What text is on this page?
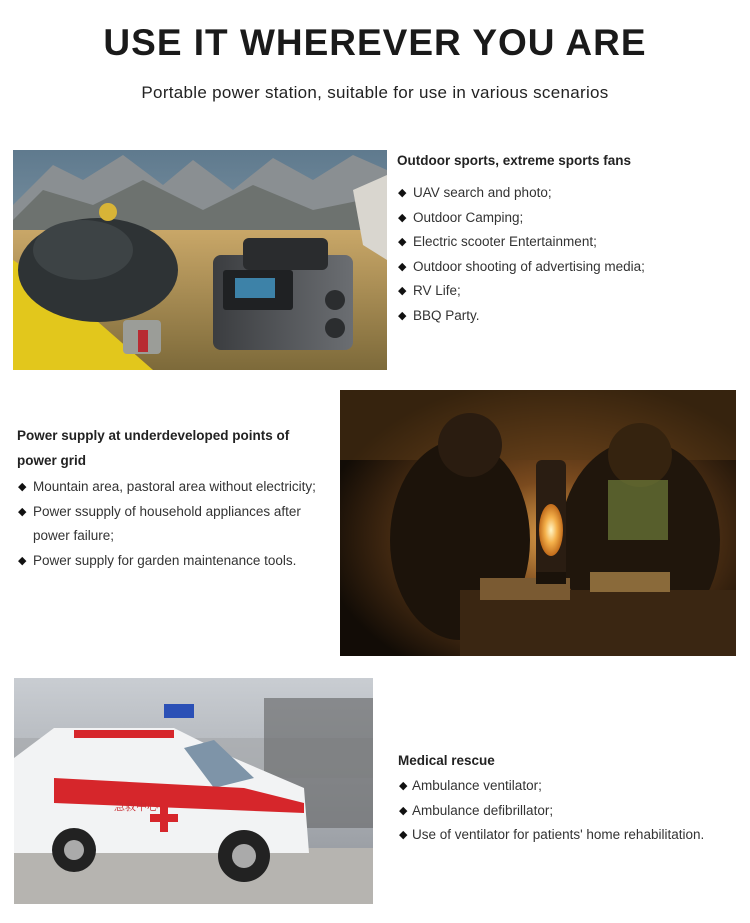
USE IT WHEREVER YOU ARE
Portable power station, suitable for use in various scenarios
Outdoor sports, extreme sports fans
◆ UAV search and photo;
◆ Outdoor Camping;
◆ Electric scooter Entertainment;
◆ Outdoor shooting of advertising media;
◆ RV Life;
◆ BBQ Party.
Power supply at underdeveloped points of power grid
◆ Mountain area, pastoral area without electricity;
◆ Power ssupply of household appliances after power failure;
◆ Power supply for garden maintenance tools.
急救中心
Medical rescue
◆ Ambulance ventilator;
◆ Ambulance defibrillator;
◆ Use of ventilator for patients' home rehabilitation.
